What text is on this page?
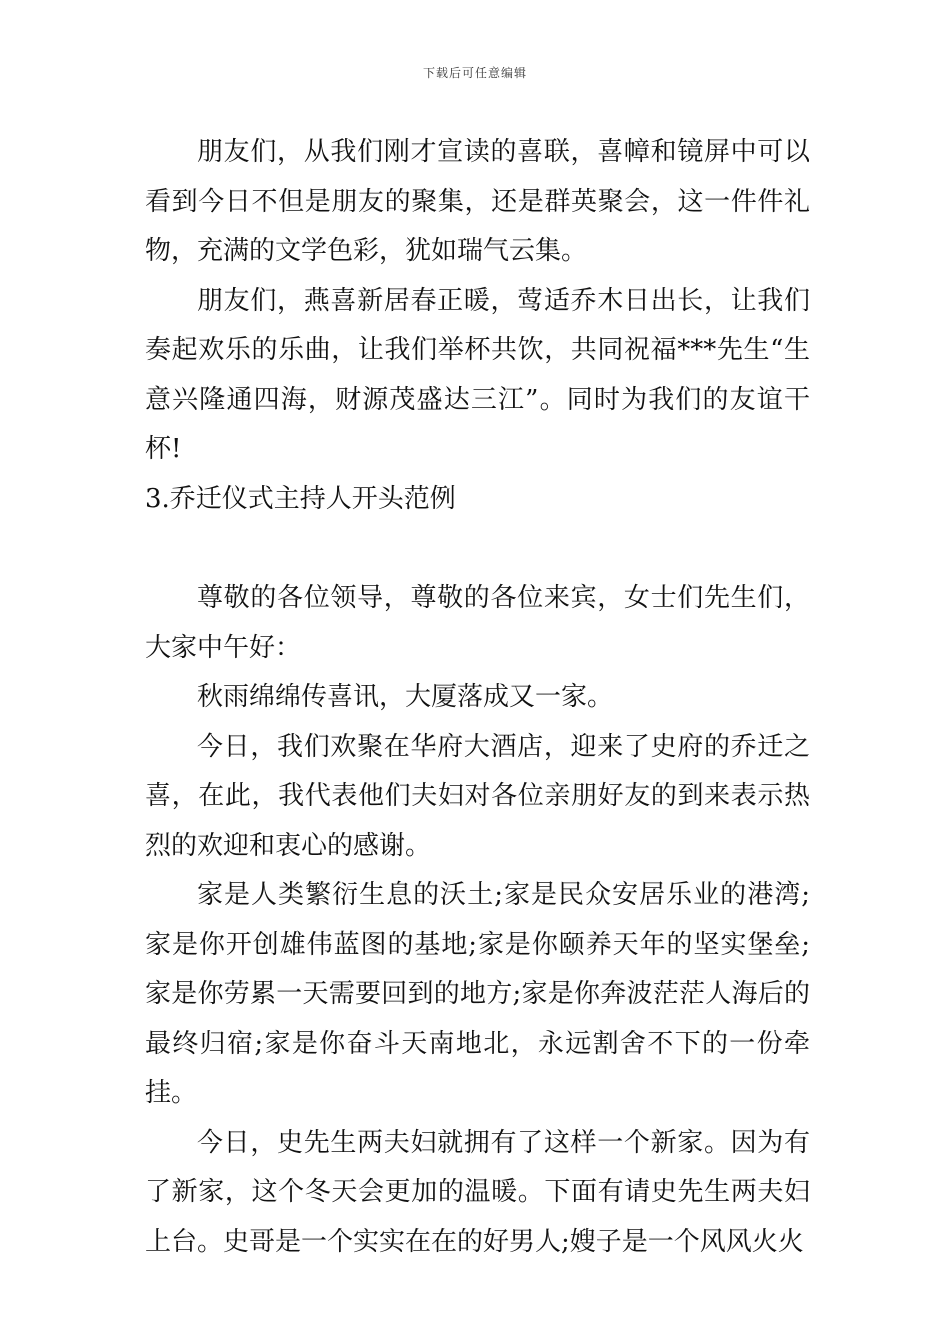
下载后可任意编辑

朋友们，从我们刚才宣读的喜联，喜幛和镜屏中可以看到今日不但是朋友的聚集，还是群英聚会，这一件件礼物，充满的文学色彩，犹如瑞气云集。

朋友们，燕喜新居春正暖，莺适乔木日出长，让我们奏起欢乐的乐曲，让我们举杯共饮，共同祝福***先生“生意兴隆通四海，财源茂盛达三江”。同时为我们的友谊干杯!

3.乔迁仪式主持人开头范例

尊敬的各位领导，尊敬的各位来宾，女士们先生们，大家中午好：

秋雨绵绵传喜讯，大厦落成又一家。

今日，我们欢聚在华府大酒店，迎来了史府的乔迁之喜，在此，我代表他们夫妇对各位亲朋好友的到来表示热烈的欢迎和衷心的感谢。

家是人类繁衍生息的沃土;家是民众安居乐业的港湾;家是你开创雄伟蓝图的基地;家是你颐养天年的坚实堡垒;家是你劳累一天需要回到的地方;家是你奔波茫茫人海后的最终归宿;家是你奋斗天南地北，永远割舍不下的一份牵挂。

今日，史先生两夫妇就拥有了这样一个新家。因为有了新家，这个冬天会更加的温暖。下面有请史先生两夫妇上台。史哥是一个实实在在的好男人;嫂子是一个风风火火
